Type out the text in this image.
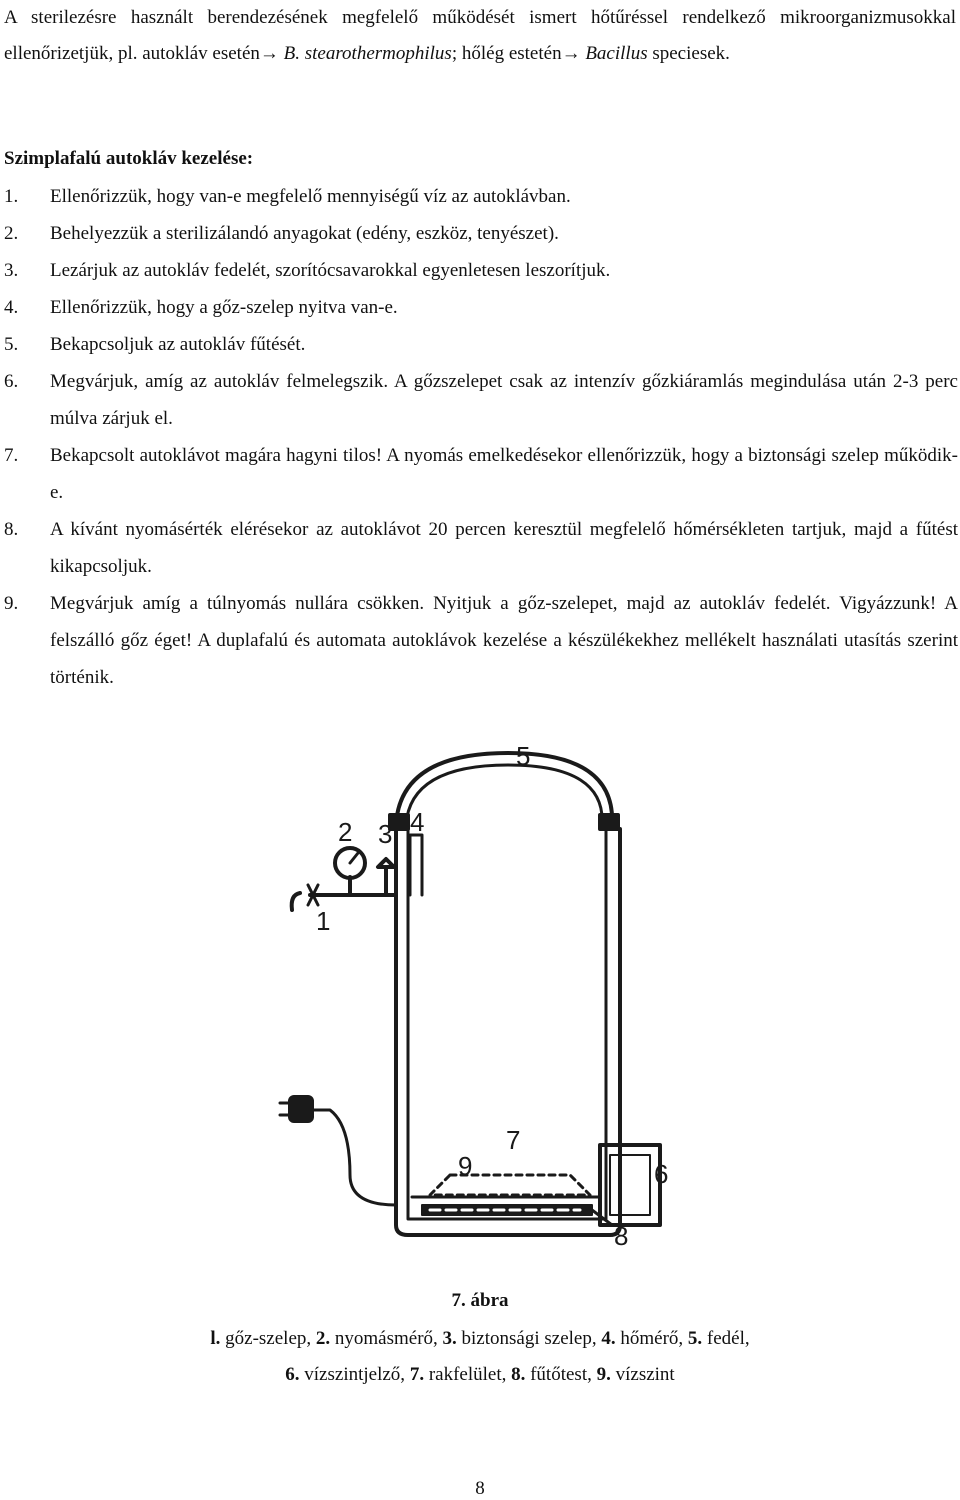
A sterilezésre használt berendezésének megfelelő működését ismert hőtűréssel rendelkező mikroorganizmusokkal ellenőrizetjük, pl. autokláv esetén→ B. stearothermophilus; hőlég estetén→ Bacillus speciesek.
Szimplafalú autokláv kezelése:
1. Ellenőrizzük, hogy van-e megfelelő mennyiségű víz az autoklávban.
2. Behelyezzük a sterilizálandó anyagokat (edény, eszköz, tenyészet).
3. Lezárjuk az autokláv fedelét, szorítócsavarokkal egyenletesen leszorítjuk.
4. Ellenőrizzük, hogy a gőz-szelep nyitva van-e.
5. Bekapcsoljuk az autokláv fűtését.
6. Megvárjuk, amíg az autokláv felmelegszik. A gőzszelepet csak az intenzív gőzkiáramlás megindulása után 2-3 perc múlva zárjuk el.
7. Bekapcsolt autoklávot magára hagyni tilos! A nyomás emelkedésekor ellenőrizzük, hogy a biztonsági szelep működik-e.
8. A kívánt nyomásérték elérésekor az autoklávot 20 percen keresztül megfelelő hőmérsékleten tartjuk, majd a fűtést kikapcsoljuk.
9. Megvárjuk amíg a túlnyomás nullára csökken. Nyitjuk a gőz-szelepet, majd az autokláv fedelét. Vigyázzunk! A felszálló gőz éget! A duplafalú és automata autoklávok kezelése a készülékekhez mellékelt használati utasítás szerint történik.
1
2 3 4
5
6
7
8
9
7. ábra
l. gőz-szelep, 2. nyomásmérő, 3. biztonsági szelep, 4. hőmérő, 5. fedél,
6. vízszintjelző, 7. rakfelület, 8. fűtőtest, 9. vízszint
8
